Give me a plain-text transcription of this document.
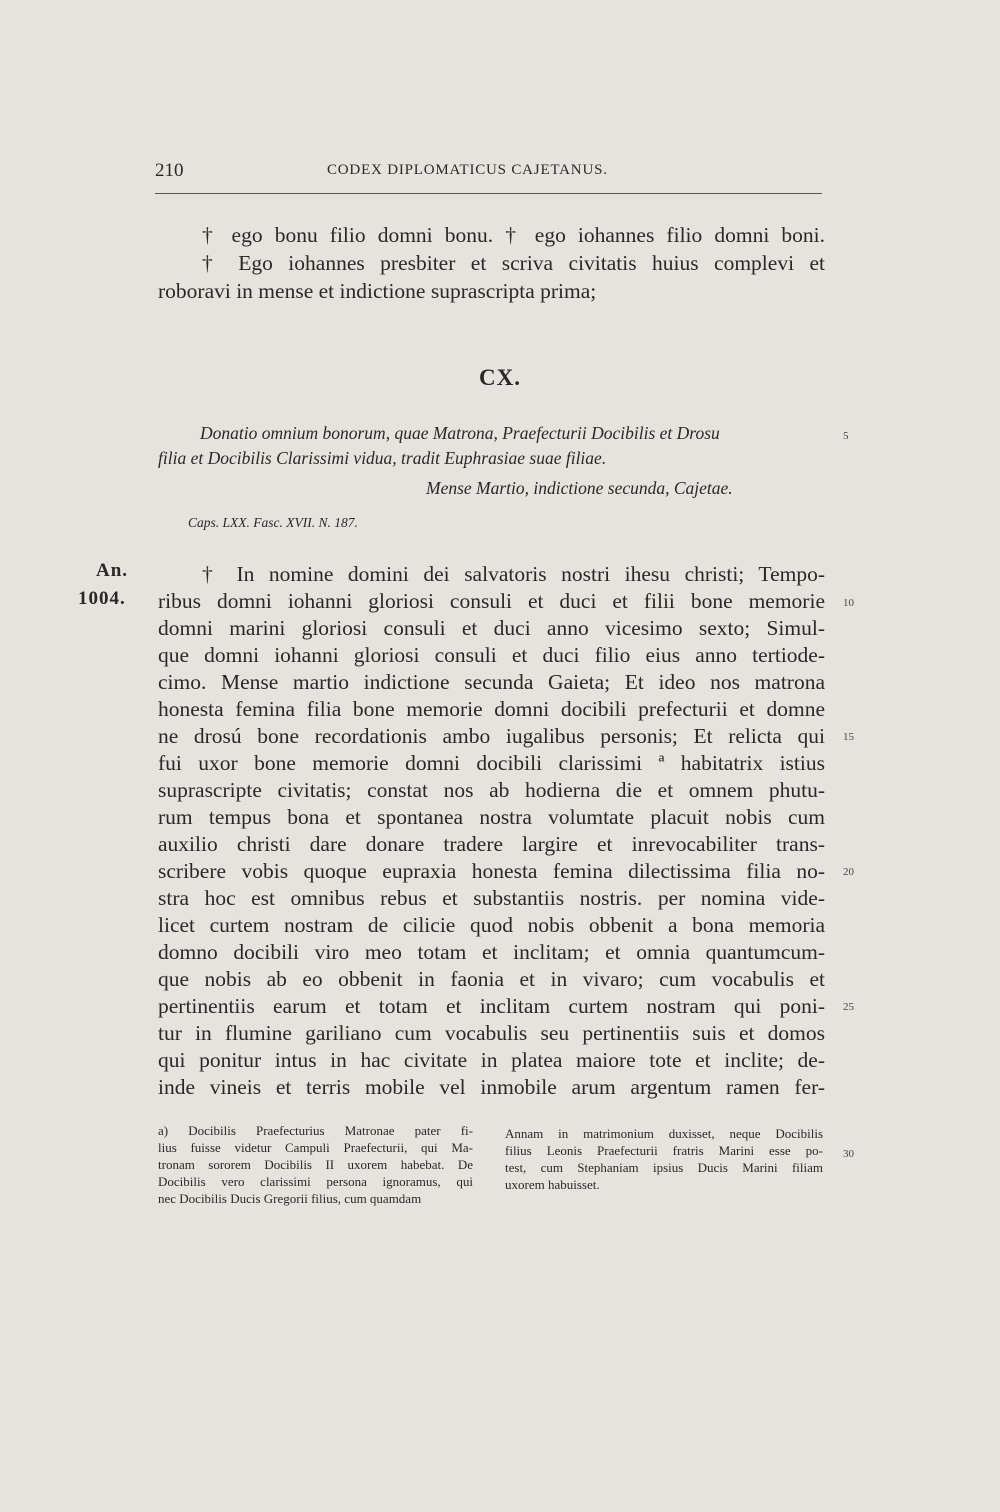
210	CODEX DIPLOMATICUS CAJETANUS.
† ego bonu filio domni bonu. † ego iohannes filio domni boni.
† Ego iohannes presbiter et scriva civitatis huius complevi et
roboravi in mense et indictione suprascripta prima;
CX.
Donatio omnium bonorum, quae Matrona, Praefecturii Docibilis et Drosu
filia et Docibilis Clarissimi vidua, tradit Euphrasiae suae filiae.
Mense Martio, indictione secunda, Cajetae.
Caps. LXX. Fasc. XVII. N. 187.
An.
1004.
† In nomine domini dei salvatoris nostri ihesu christi; Tempo-
ribus domni iohanni gloriosi consuli et duci et filii bone memorie
domni marini gloriosi consuli et duci anno vicesimo sexto; Simul-
que domni iohanni gloriosi consuli et duci filio eius anno tertiode-
cimo. Mense martio indictione secunda Gaieta; Et ideo nos matrona
honesta femina filia bone memorie domni docibili prefecturii et domne
ne drosú bone recordationis ambo iugalibus personis; Et relicta qui
fui uxor bone memorie domni docibili clarissimi ª habitatrix istius
suprascripte civitatis; constat nos ab hodierna die et omnem phutu-
rum tempus bona et spontanea nostra volumtate placuit nobis cum
auxilio christi dare donare tradere largire et inrevocabiliter trans-
scribere vobis quoque eupraxia honesta femina dilectissima filia no-
stra hoc est omnibus rebus et substantiis nostris. per nomina vide-
licet curtem nostram de cilicie quod nobis obbenit a bona memoria
domno docibili viro meo totam et inclitam; et omnia quantumcum-
que nobis ab eo obbenit in faonia et in vivaro; cum vocabulis et
pertinentiis earum et totam et inclitam curtem nostram qui poni-
tur in flumine gariliano cum vocabulis seu pertinentiis suis et domos
qui ponitur intus in hac civitate in platea maiore tote et inclite; de-
inde vineis et terris mobile vel inmobile arum argentum ramen fer-
5
10
15
20
25
30
a) Docibilis Praefecturius Matronae pater fi-
lius fuisse videtur Campuli Praefecturii, qui Ma-
tronam sororem Docibilis II uxorem habebat. De
Docibilis vero clarissimi persona ignoramus, qui
nec Docibilis Ducis Gregorii filius, cum quamdam
Annam in matrimonium duxisset, neque Docibilis
filius Leonis Praefecturii fratris Marini esse po-
test, cum Stephaniam ipsius Ducis Marini filiam
uxorem habuisset.
